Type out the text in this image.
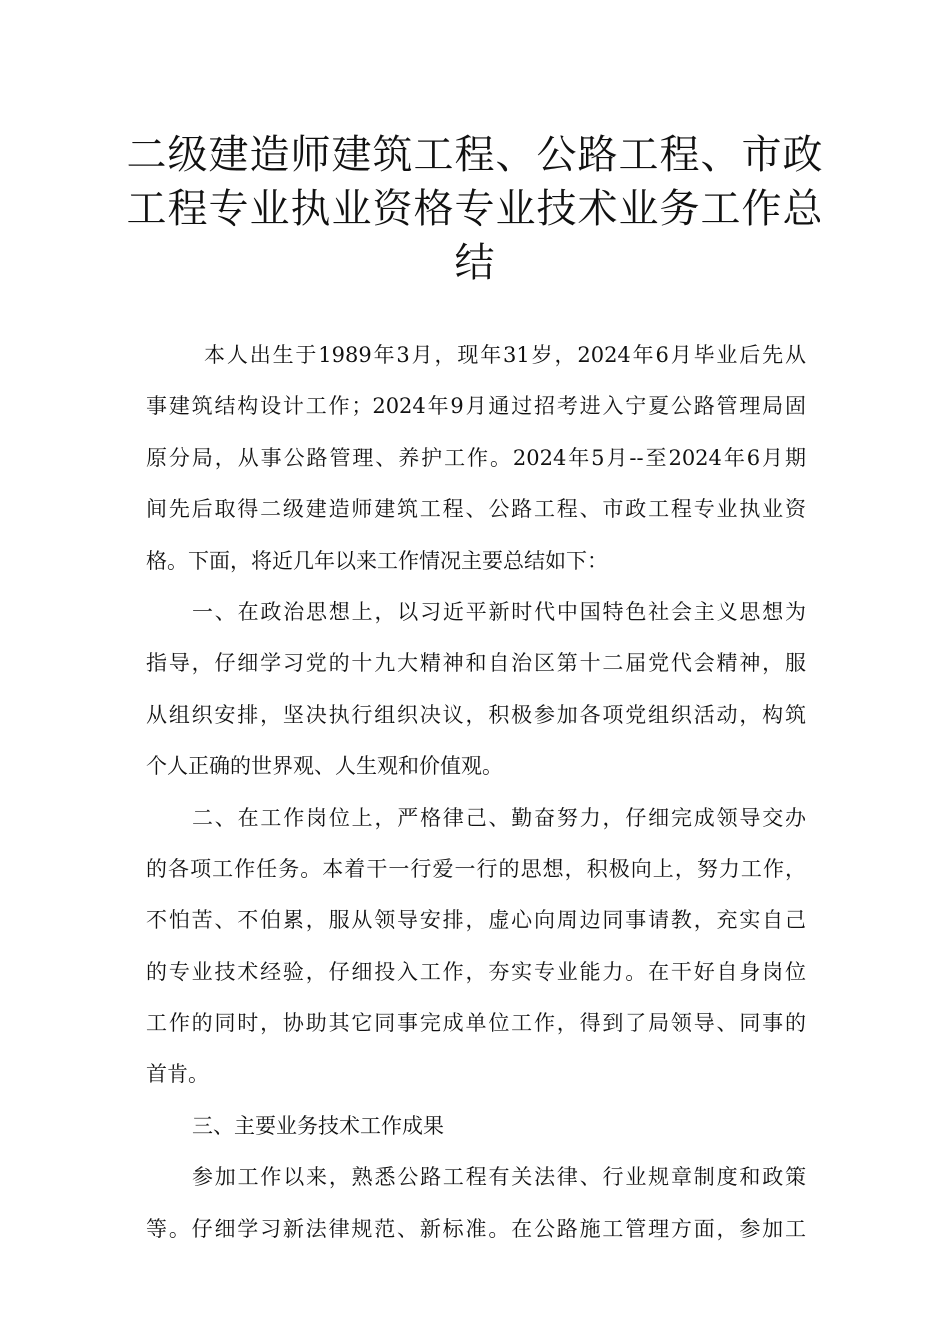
二级建造师建筑工程、公路工程、市政
工程专业执业资格专业技术业务工作总
结
本人出生于1989年3月，现年31岁，2024年6月毕业后先从
事建筑结构设计工作；2024年9月通过招考进入宁夏公路管理局固
原分局，从事公路管理、养护工作。2024年5月--至2024年6月期
间先后取得二级建造师建筑工程、公路工程、市政工程专业执业资
格。下面，将近几年以来工作情况主要总结如下：
一、在政治思想上，以习近平新时代中国特色社会主义思想为
指导，仔细学习党的十九大精神和自治区第十二届党代会精神，服
从组织安排，坚决执行组织决议，积极参加各项党组织活动，构筑
个人正确的世界观、人生观和价值观。
二、在工作岗位上，严格律己、勤奋努力，仔细完成领导交办
的各项工作任务。本着干一行爱一行的思想，积极向上，努力工作，
不怕苦、不伯累，服从领导安排，虚心向周边同事请教，充实自己
的专业技术经验，仔细投入工作，夯实专业能力。在干好自身岗位
工作的同时，协助其它同事完成单位工作，得到了局领导、同事的
首肯。
三、主要业务技术工作成果
参加工作以来，熟悉公路工程有关法律、行业规章制度和政策
等。仔细学习新法律规范、新标准。在公路施工管理方面，参加工
